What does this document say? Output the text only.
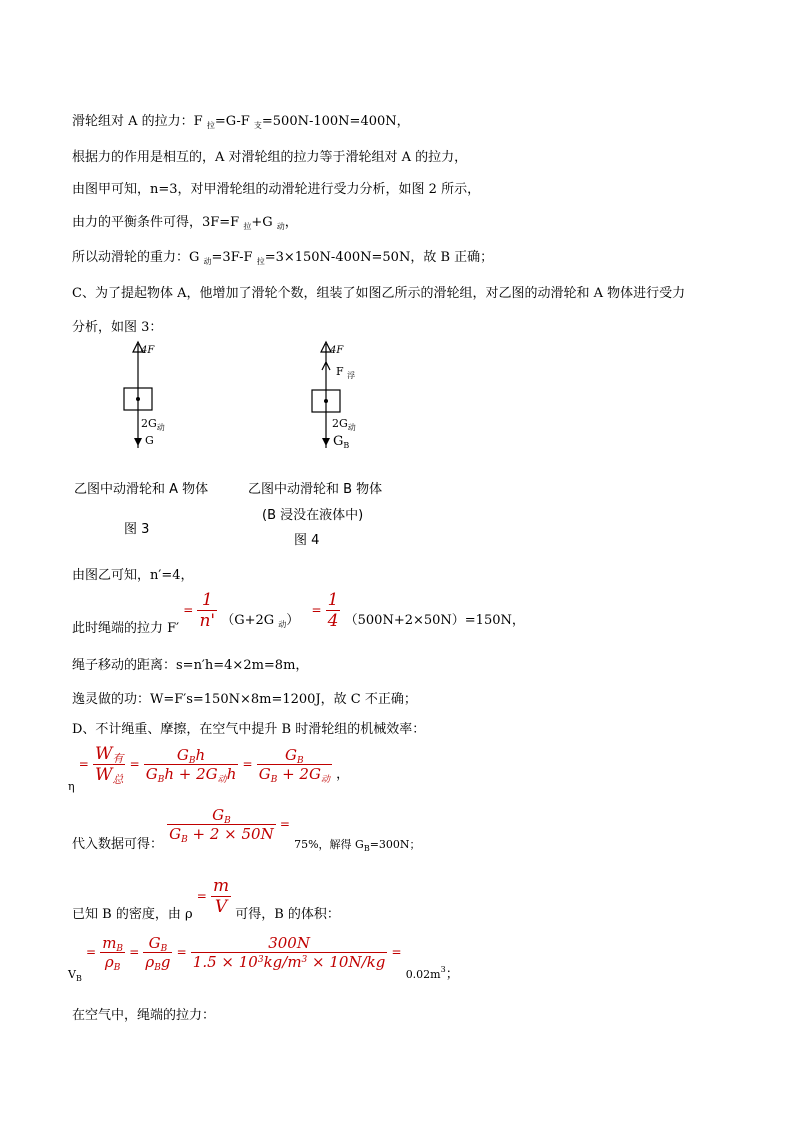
滑轮组对 A 的拉力：F $_拉$=G-F $_支$=500N-100N=400N，
根据力的作用是相互的，A 对滑轮组的拉力等于滑轮组对 A 的拉力，
由图甲可知，n=3，对甲滑轮组的动滑轮进行受力分析，如图 2 所示，
由力的平衡条件可得，3F=F $_拉$+G $_动$，
所以动滑轮的重力：G $_动$=3F-F $_拉$=3×150N-400N=50N，故 B 正确；
C、为了提起物体 A，他增加了滑轮个数，组装了如图乙所示的滑轮组，对乙图的动滑轮和 A 物体进行受力
分析，如图 3：
4F
$2G_动$
G
4F
F $_浮$
$2G_动$
$G_B$
乙图中动滑轮和 A 物体
图 3
乙图中动滑轮和 B 物体
(B 浸没在液体中)
图 4
由图乙可知，n′=4，
此时绳端的拉力 $F' = \frac{1}{n'} (G+2G$ $_动) = \frac{1}{4} (500N+2\times 50N)=150N$，
绳子移动的距离：s=n′h=4×2m=8m，
逸灵做的功：W=F′s=150N×8m=1200J，故 C 不正确；
D、不计绳重、摩擦，在空气中提升 B 时滑轮组的机械效率：
$_\eta = \frac{\text{W有}}{\text{W总}} = \frac{G_Bh}{G_Bh + 2G_动h} = \frac{G_B}{G_B + 2G_动}$ ，
代入数据可得：
$\frac{G_B}{G_B + 2 \times 50N} = _{75\%,解得 GB=300N;}$
已知 B 的密度，由 $\rho = \frac{m}{V}$ 可得，B 的体积：
$_{V_B} = \frac{m_B}{\rho_B} = \frac{G_B}{\rho_Bg} = \frac{300N}{1.5 \times 10^3kg/m^3 \times 10N/kg} = _{0.02m3}$；
在空气中，绳端的拉力：
